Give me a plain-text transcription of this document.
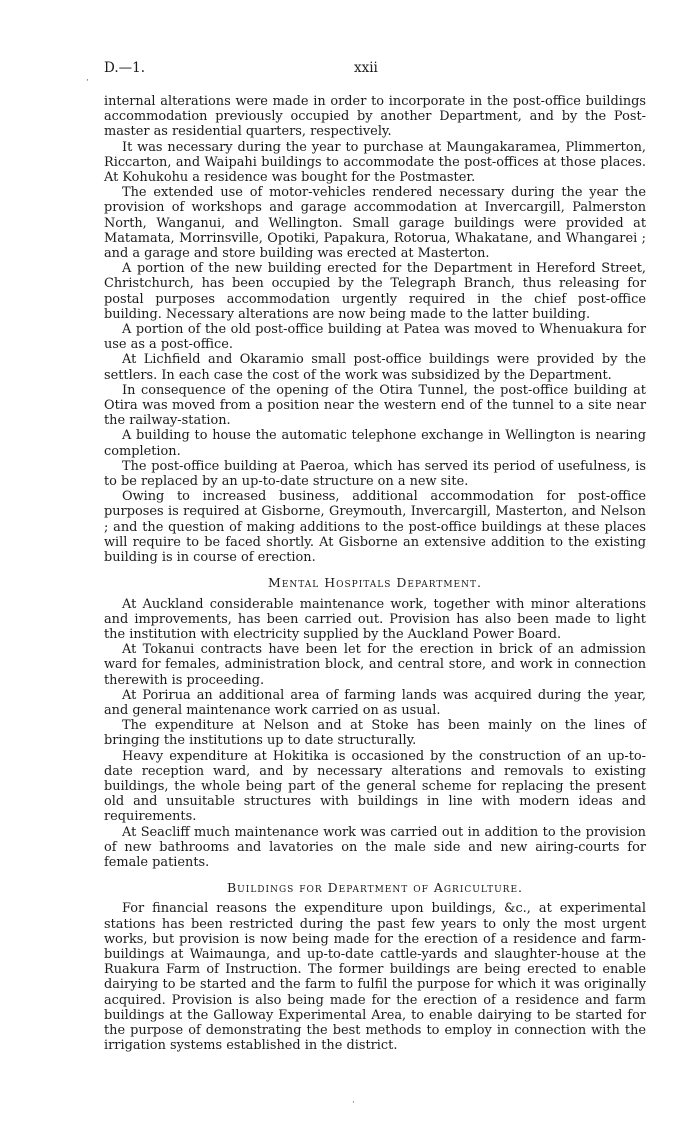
D.—1.	xxii
·

internal alterations were made in order to incorporate in the post-office buildings accommodation previously occupied by another Department, and by the Post-master as residential quarters, respectively.

It was necessary during the year to purchase at Maungakaramea, Plimmerton, Riccarton, and Waipahi buildings to accommodate the post-offices at those places. At Kohukohu a residence was bought for the Postmaster.

The extended use of motor-vehicles rendered necessary during the year the provision of workshops and garage accommodation at Invercargill, Palmerston North, Wanganui, and Wellington. Small garage buildings were provided at Matamata, Morrinsville, Opotiki, Papakura, Rotorua, Whakatane, and Whangarei ; and a garage and store building was erected at Masterton.

A portion of the new building erected for the Department in Hereford Street, Christchurch, has been occupied by the Telegraph Branch, thus releasing for postal purposes accommodation urgently required in the chief post-office building. Necessary alterations are now being made to the latter building.

A portion of the old post-office building at Patea was moved to Whenuakura for use as a post-office.

At Lichfield and Okaramio small post-office buildings were provided by the settlers. In each case the cost of the work was subsidized by the Department.

In consequence of the opening of the Otira Tunnel, the post-office building at Otira was moved from a position near the western end of the tunnel to a site near the railway-station.

A building to house the automatic telephone exchange in Wellington is nearing completion.

The post-office building at Paeroa, which has served its period of usefulness, is to be replaced by an up-to-date structure on a new site.

Owing to increased business, additional accommodation for post-office purposes is required at Gisborne, Greymouth, Invercargill, Masterton, and Nelson ; and the question of making additions to the post-office buildings at these places will require to be faced shortly. At Gisborne an extensive addition to the existing building is in course of erection.

Mental Hospitals Department.

At Auckland considerable maintenance work, together with minor alterations and improvements, has been carried out. Provision has also been made to light the institution with electricity supplied by the Auckland Power Board.

At Tokanui contracts have been let for the erection in brick of an admission ward for females, administration block, and central store, and work in connection therewith is proceeding.

At Porirua an additional area of farming lands was acquired during the year, and general maintenance work carried on as usual.

The expenditure at Nelson and at Stoke has been mainly on the lines of bringing the institutions up to date structurally.

Heavy expenditure at Hokitika is occasioned by the construction of an up-to-date reception ward, and by necessary alterations and removals to existing buildings, the whole being part of the general scheme for replacing the present old and unsuitable structures with buildings in line with modern ideas and requirements.

At Seacliff much maintenance work was carried out in addition to the provision of new bathrooms and lavatories on the male side and new airing-courts for female patients.

Buildings for Department of Agriculture.

For financial reasons the expenditure upon buildings, &c., at experimental stations has been restricted during the past few years to only the most urgent works, but provision is now being made for the erection of a residence and farm-buildings at Waimaunga, and up-to-date cattle-yards and slaughter-house at the Ruakura Farm of Instruction. The former buildings are being erected to enable dairying to be started and the farm to fulfil the purpose for which it was originally acquired. Provision is also being made for the erection of a residence and farm buildings at the Galloway Experimental Area, to enable dairying to be started for the purpose of demonstrating the best methods to employ in connection with the irrigation systems established in the district.

·
